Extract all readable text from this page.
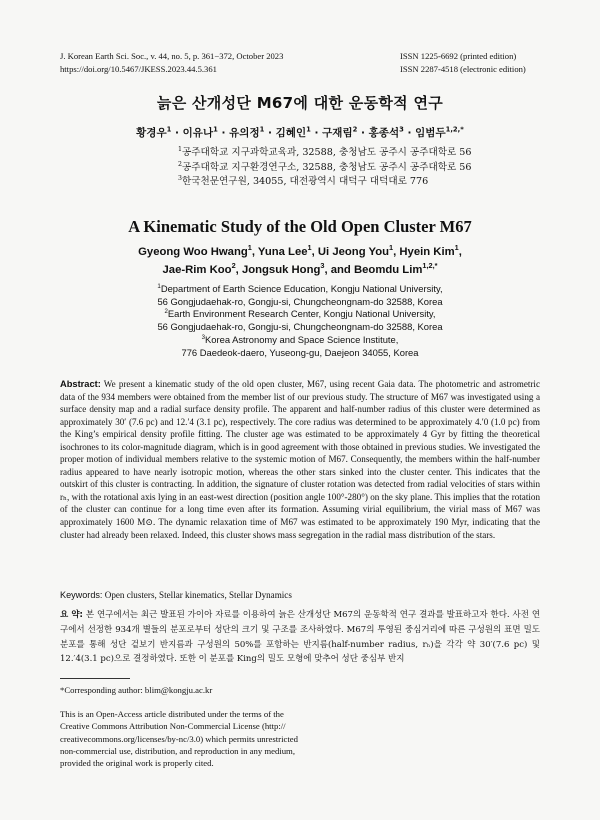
J. Korean Earth Sci. Soc., v. 44, no. 5, p. 361−372, October 2023
https://doi.org/10.5467/JKESS.2023.44.5.361
ISSN 1225-6692 (printed edition)
ISSN 2287-4518 (electronic edition)
늙은 산개성단 M67에 대한 운동학적 연구
황경우$^1$ · 이유나$^1$ · 유의정$^1$ · 김혜인$^1$ · 구재림$^2$ · 홍종석$^3$ · 임범두$^{1,2,*}$
$^1$공주대학교 지구과학교육과, 32588, 충청남도 공주시 공주대학로 56
$^2$공주대학교 지구환경연구소, 32588, 충청남도 공주시 공주대학로 56
$^3$한국천문연구원, 34055, 대전광역시 대덕구 대덕대로 776
A Kinematic Study of the Old Open Cluster M67
Gyeong Woo Hwang$^1$, Yuna Lee$^1$, Ui Jeong You$^1$, Hyein Kim$^1$,
Jae-Rim Koo$^2$, Jongsuk Hong$^3$, and Beomdu Lim$^{1,2,*}$
$^1$Department of Earth Science Education, Kongju National University,
56 Gongjudaehak-ro, Gongju-si, Chungcheongnam-do 32588, Korea
$^2$Earth Environment Research Center, Kongju National University,
56 Gongjudaehak-ro, Gongju-si, Chungcheongnam-do 32588, Korea
$^3$Korea Astronomy and Space Science Institute,
776 Daedeok-daero, Yuseong-gu, Daejeon 34055, Korea
Abstract: We present a kinematic study of the old open cluster, M67, using recent Gaia data. The photometric and astrometric data of the 934 members were obtained from the member list of our previous study. The structure of M67 was investigated using a surface density map and a radial surface density profile. The apparent and half-number radius of this cluster were determined as approximately 30′ (7.6 pc) and 12.′4 (3.1 pc), respectively. The core radius was determined to be approximately 4.′0 (1.0 pc) from the King’s empirical density profile fitting. The cluster age was estimated to be approximately 4 Gyr by fitting the theoretical isochrones to its color-magnitude diagram, which is in good agreement with those obtained in previous studies. We investigated the proper motion of individual members relative to the systemic motion of M67. Consequently, the members within the half-number radius appeared to have nearly isotropic motion, whereas the other stars sinked into the cluster center. This indicates that the outskirt of this cluster is contracting. In addition, the signature of cluster rotation was detected from radial velocities of stars within rₕ, with the rotational axis lying in an east-west direction (position angle 100°-280°) on the sky plane. This implies that the rotation of the cluster can continue for a long time even after its formation. Assuming virial equilibrium, the virial mass of M67 was approximately 1600 M⊙. The dynamic relaxation time of M67 was estimated to be approximately 190 Myr, indicating that the cluster had already been relaxed. Indeed, this cluster shows mass segregation in the radial mass distribution of the stars.
Keywords: Open clusters, Stellar kinematics, Stellar Dynamics
요 약: 본 연구에서는 최근 발표된 가이아 자료를 이용하여 늙은 산개성단 M67의 운동학적 연구 결과를 발표하고자 한다. 사전 연구에서 선정한 934개 별들의 분포로부터 성단의 크기 및 구조를 조사하였다. M67의 투영된 중심거리에 따른 구성원의 표면 밀도 분포를 통해 성단 겉보기 반지름과 구성원의 50%를 포함하는 반지름(half-number radius, rₕ)을 각각 약 30′(7.6 pc) 및 12.′4(3.1 pc)으로 결정하였다. 또한 이 분포를 King의 밀도 모형에 맞추어 성단 중심부 반지
*Corresponding author: blim@kongju.ac.kr
This is an Open-Access article distributed under the terms of the
Creative Commons Attribution Non-Commercial License (http://
creativecommons.org/licenses/by-nc/3.0) which permits unrestricted
non-commercial use, distribution, and reproduction in any medium,
provided the original work is properly cited.
